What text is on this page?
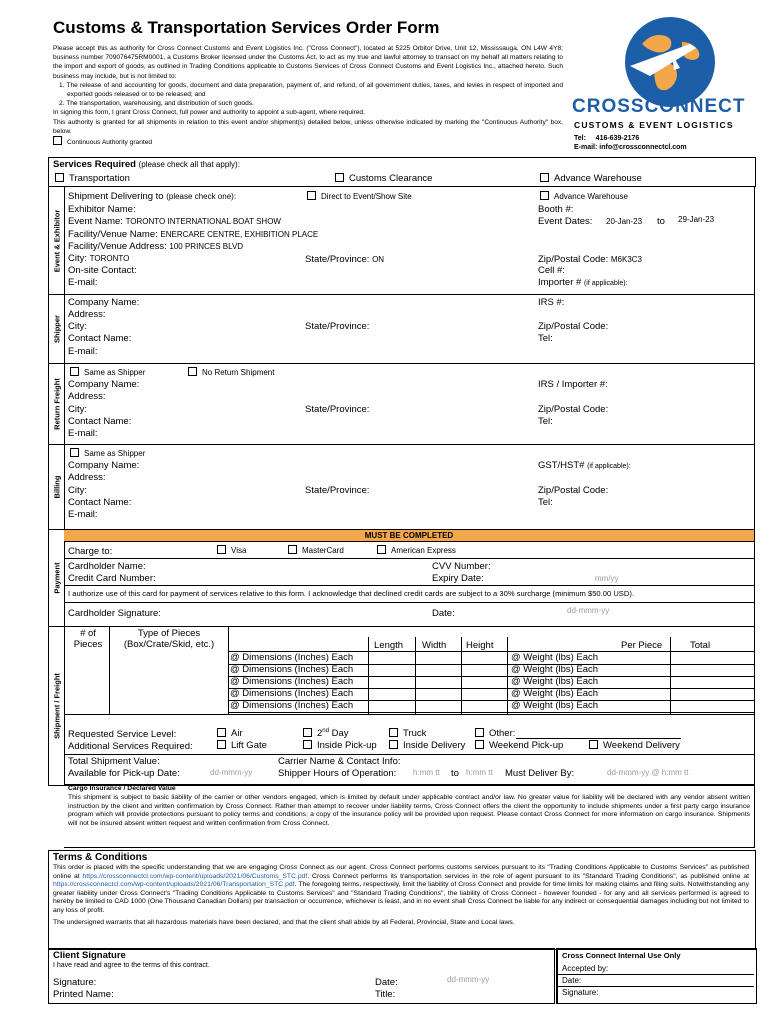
Customs & Transportation Services Order Form

Please accept this as authority for Cross Connect Customs and Event Logistics Inc. ("Cross Connect"), located at 5225 Orbitor Drive, Unit 12, Mississauga, ON L4W 4Y8; business number 709076475RM0001, a Customs Broker licensed under the Customs Act, to act as my true and lawful attorney to transact on my behalf all matters relating to the import and export of goods, as outlined in Trading Conditions applicable to Customs Services of Cross Connect Customs and Event Logistics Inc., attached hereto. Such business may include, but is not limited to:

1. The release of and accounting for goods, document and data preparation, payment of, and refund, of all government duties, taxes, and levies in respect of imported and exported goods released or to be released; and

2. The transportation, warehousing, and distribution of such goods.

In signing this form, I grant Cross Connect, full power and authority to appoint a sub-agent, where required.

This authority is granted for all shipments in relation to this event and/or shipment(s) detailed below, unless otherwise indicated by marking the "Continuous Authority" box, below.

Continuous Authority granted

CROSSCONNECT
CUSTOMS & EVENT LOGISTICS
Tel: 416-639-2176
E-mail: info@crossconnectcl.com
Services Required (please check all that apply):
Transportation	Customs Clearance	Advance Warehouse
Event & Exhibitor
Shipment Delivering to (please check one):	Direct to Event/Show Site	Advance Warehouse
Exhibitor Name:	Booth #:
Event Name: TORONTO INTERNATIONAL BOAT SHOW	Event Dates: 20-Jan-23 to 29-Jan-23
Facility/Venue Name: ENERCARE CENTRE, EXHIBITION PLACE
Facility/Venue Address: 100 PRINCES BLVD
City: TORONTO	State/Province: ON	Zip/Postal Code: M6K3C3
On-site Contact:	Cell #:
E-mail:	Importer # (if applicable):
Shipper
Company Name:	IRS #:
Address:
City:	State/Province:	Zip/Postal Code:
Contact Name:	Tel:
E-mail:
Return Freight
Same as Shipper	No Return Shipment
Company Name:	IRS / Importer #:
Address:
City:	State/Province:	Zip/Postal Code:
Contact Name:	Tel:
E-mail:
Billing
Same as Shipper
Company Name:	GST/HST# (if applicable):
Address:
City:	State/Province:	Zip/Postal Code:
Contact Name:	Tel:
E-mail:
Payment
MUST BE COMPLETED
Charge to:	Visa	MasterCard	American Express
Cardholder Name:	CVV Number:
Credit Card Number:	Expiry Date:	mm/yy
I authorize use of this card for payment of services relative to this form. I acknowledge that declined credit cards are subject to a 30% surcharge (minimum $50.00 USD).
Cardholder Signature:	Date:	dd-mmm-yy
Shipment / Freight
# of
Pieces
Type of Pieces
(Box/Crate/Skid, etc.)	Length Width Height	Per Piece	Total
@ Dimensions (Inches) Each	@ Weight (lbs) Each
@ Dimensions (Inches) Each	@ Weight (lbs) Each
@ Dimensions (Inches) Each	@ Weight (lbs) Each
@ Dimensions (Inches) Each	@ Weight (lbs) Each
@ Dimensions (Inches) Each	@ Weight (lbs) Each
Requested Service Level:	Air	2nd Day	Truck	Other:
Additional Services Required:	Lift Gate	Inside Pick-up	Inside Delivery	Weekend Pick-up	Weekend Delivery
Total Shipment Value:	Carrier Name & Contact Info:
Available for Pick-up Date:	dd-mmm-yy	Shipper Hours of Operation: h:mm tt to h:mm tt Must Deliver By:	dd-mmm-yy @ h:mm tt
Cargo Insurance / Declared Value
This shipment is subject to basic liability of the carrier or other vendors engaged, which is limited by default under applicable contract and/or law. No greater value for liability will be declared with any vendor absent written instruction by the client and written confirmation by Cross Connect. Rather than attempt to recover under liability terms, Cross Connect offers the client the opportunity to include shipments under a first party cargo insurance program which will provide protections pursuant to policy terms and conditions; a copy of the insurance policy will be provided upon request. Please contact Cross Connect for more information on cargo insurance. Shipments will not be insured absent written request and written confirmation from Cross Connect.
Terms & Conditions
This order is placed with the specific understanding that we are engaging Cross Connect as our agent. Cross Connect performs customs services pursuant to its "Trading Conditions Applicable to Customs Services" as published online at https://crossconnectcl.com/wp-content/uploads/2021/06/Customs_STC.pdf. Cross Connect performs its transportation services in the role of agent pursuant to its "Standard Trading Conditions", as published online at https://crossconnectcl.com/wp-content/uploads/2021/06/Transportation_STC.pdf. The foregoing terms, respectively, limit the liability of Cross Connect and provide for time limits for making claims and filing suits. Notwithstanding any greater liability under Cross Connect's "Trading Conditions Applicable to Customs Services" and "Standard Trading Conditions", the liability of Cross Connect - however founded - for any and all services performed is agreed to hereby be limited to CAD 1000 (One Thousand Canadian Dollars) per transaction or occurrence, whichever is least, and in no event shall Cross Connect be liable for any indirect or consequential damages including but not limited to any loss of profit.
The undersigned warrants that all hazardous materials have been declared, and that the client shall abide by all Federal, Provincial, State and Local laws.
Client Signature
I have read and agree to the terms of this contract.
Signature:	Date:	dd-mmm-yy
Printed Name:	Title:
Cross Connect Internal Use Only
Accepted by:
Date:
Signature:
